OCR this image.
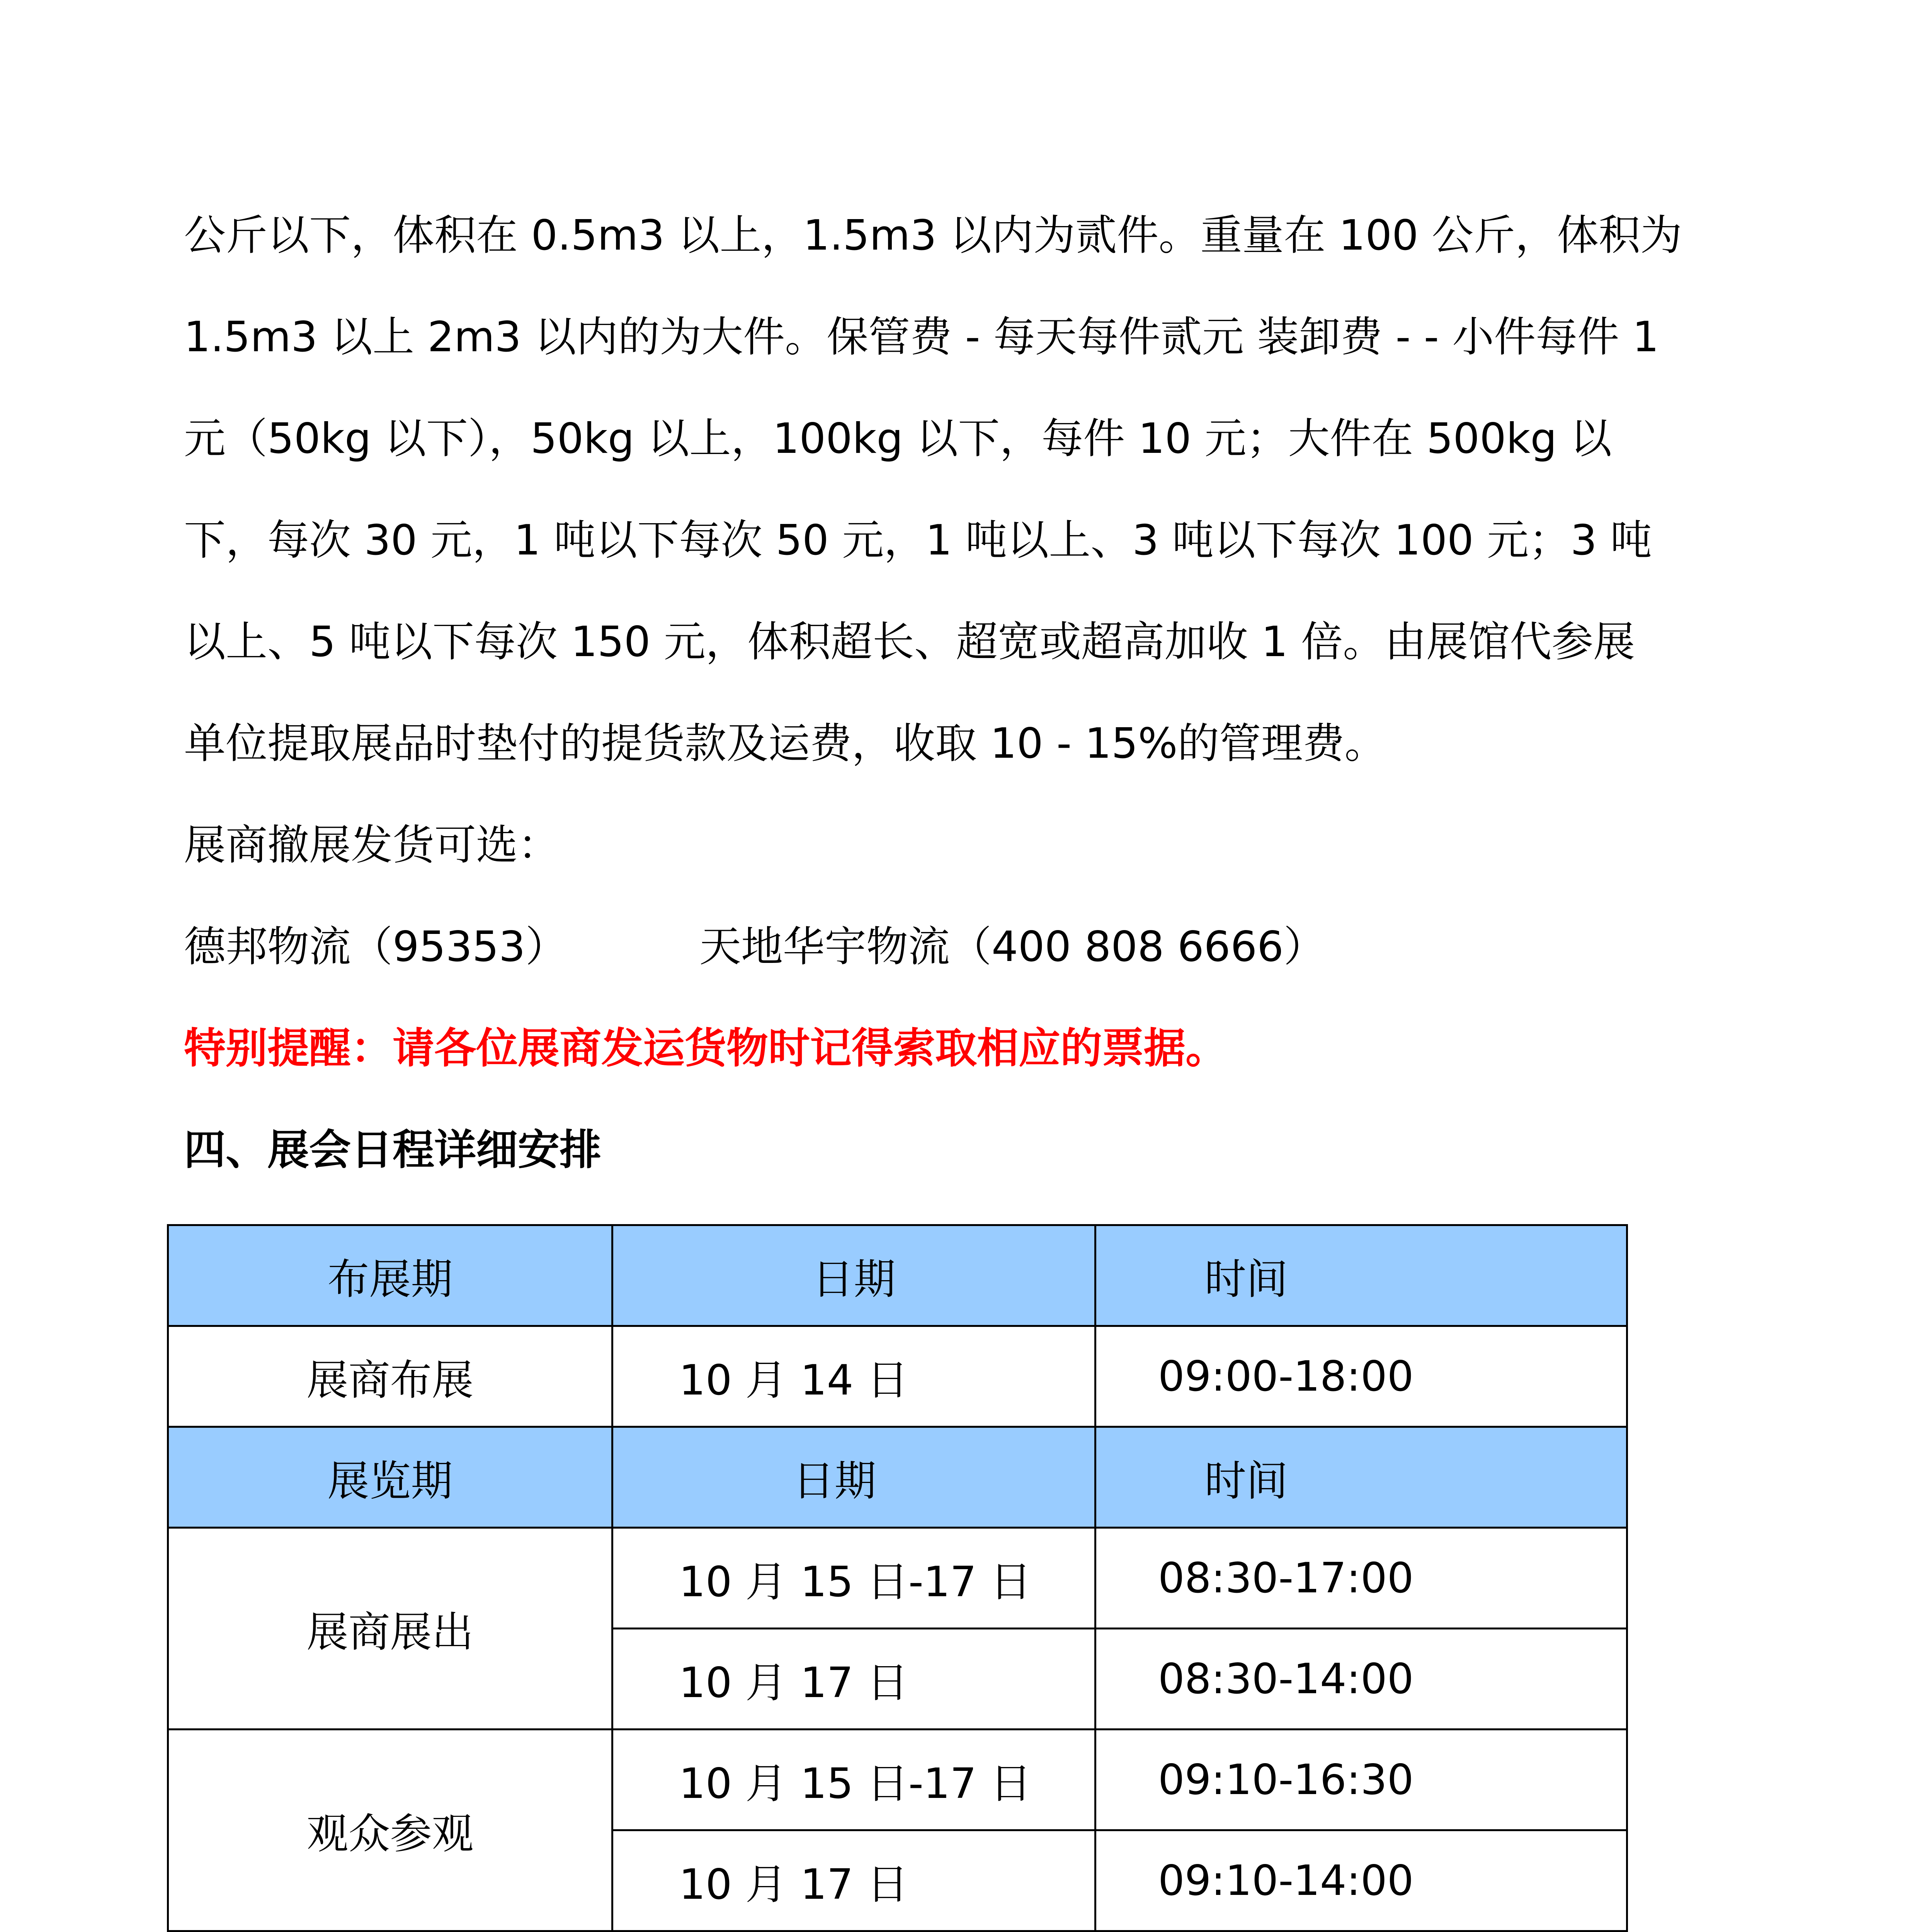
公斤以下，体积在 0.5m3 以上，1.5m3 以内为贰件。重量在 100 公斤，体积为
1.5m3 以上 2m3 以内的为大件。保管费 - 每天每件贰元 装卸费 - - 小件每件 1
元（50kg 以下），50kg 以上，100kg 以下，每件 10 元；大件在 500kg 以
下，每次 30 元，1 吨以下每次 50 元，1 吨以上、3 吨以下每次 100 元；3 吨
以上、5 吨以下每次 150 元，体积超长、超宽或超高加收 1 倍。由展馆代参展
单位提取展品时垫付的提货款及运费，收取 10 - 15%的管理费。
展商撤展发货可选：
德邦物流（95353）	天地华宇物流（400 808 6666）
特别提醒：请各位展商发运货物时记得索取相应的票据。
四、展会日程详细安排
布展期	日期	时间
展商布展	10 月 14 日	09:00-18:00
展览期	日期	时间
展商展出	10 月 15 日-17 日	08:30-17:00
	10 月 17 日	08:30-14:00
观众参观	10 月 15 日-17 日	09:10-16:30
	10 月 17 日	09:10-14:00
